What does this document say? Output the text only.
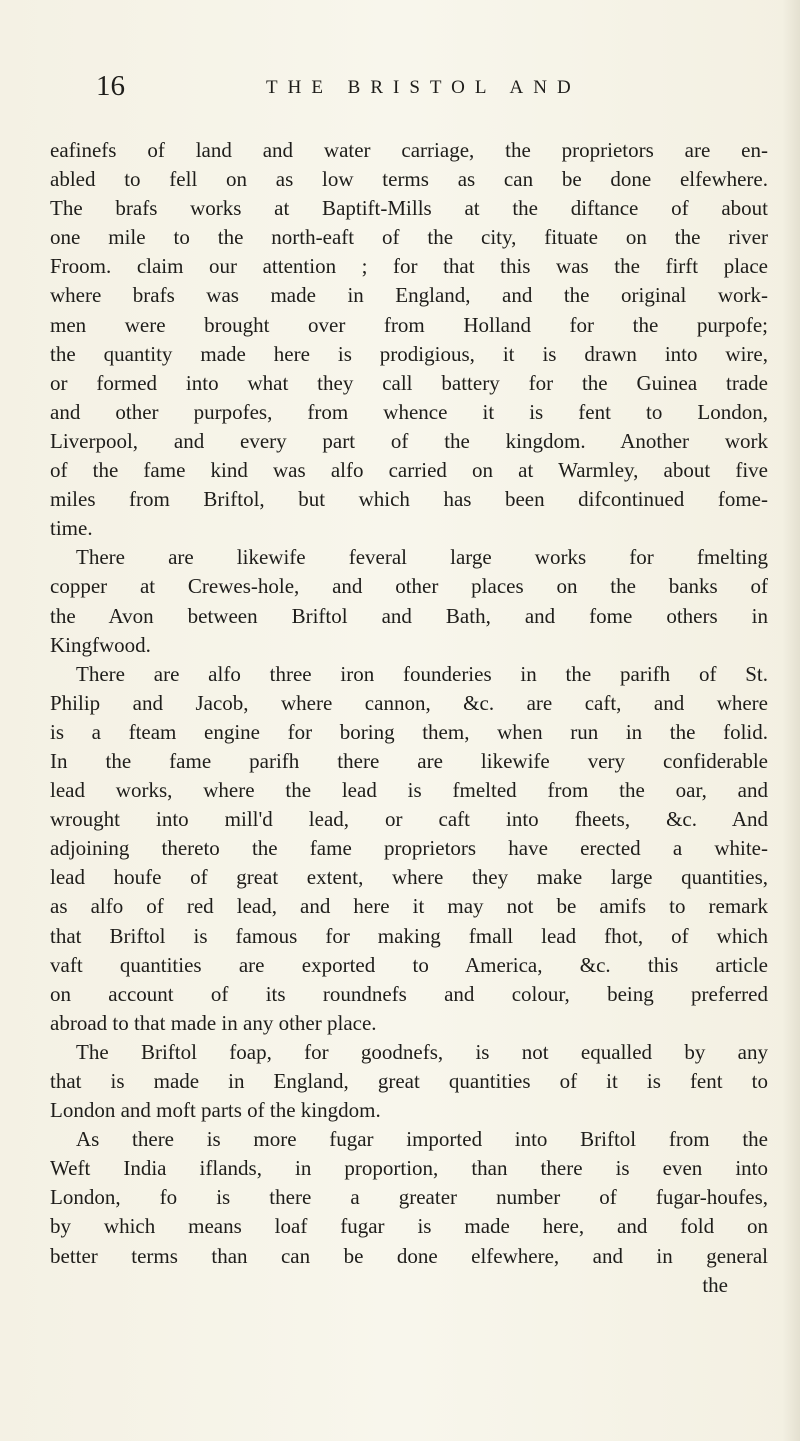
16	THE BRISTOL AND
eafinefs of land and water carriage, the proprietors are en-
abled to fell on as low terms as can be done elfewhere.
The brafs works at Baptift-Mills at the diftance of about
one mile to the north-eaft of the city, fituate on the river
Froom. claim our attention ; for that this was the firft place
where brafs was made in England, and the original work-
men were brought over from Holland for the purpofe;
the quantity made here is prodigious, it is drawn into wire,
or formed into what they call battery for the Guinea trade
and other purpofes, from whence it is fent to London,
Liverpool, and every part of the kingdom. Another work
of the fame kind was alfo carried on at Warmley, about five
miles from Briftol, but which has been difcontinued fome-
time.
There are likewife feveral large works for fmelting
copper at Crewes-hole, and other places on the banks of
the Avon between Briftol and Bath, and fome others in
Kingfwood.
There are alfo three iron founderies in the parifh of St.
Philip and Jacob, where cannon, &c. are caft, and where
is a fteam engine for boring them, when run in the folid.
In the fame parifh there are likewife very confiderable
lead works, where the lead is fmelted from the oar, and
wrought into mill'd lead, or caft into fheets, &c. And
adjoining thereto the fame proprietors have erected a white-
lead houfe of great extent, where they make large quantities,
as alfo of red lead, and here it may not be amifs to remark
that Briftol is famous for making fmall lead fhot, of which
vaft quantities are exported to America, &c. this article
on account of its roundnefs and colour, being preferred
abroad to that made in any other place.
The Briftol foap, for goodnefs, is not equalled by any
that is made in England, great quantities of it is fent to
London and moft parts of the kingdom.
As there is more fugar imported into Briftol from the
Weft India iflands, in proportion, than there is even into
London, fo is there a greater number of fugar-houfes,
by which means loaf fugar is made here, and fold on
better terms than can be done elfewhere, and in general
the
